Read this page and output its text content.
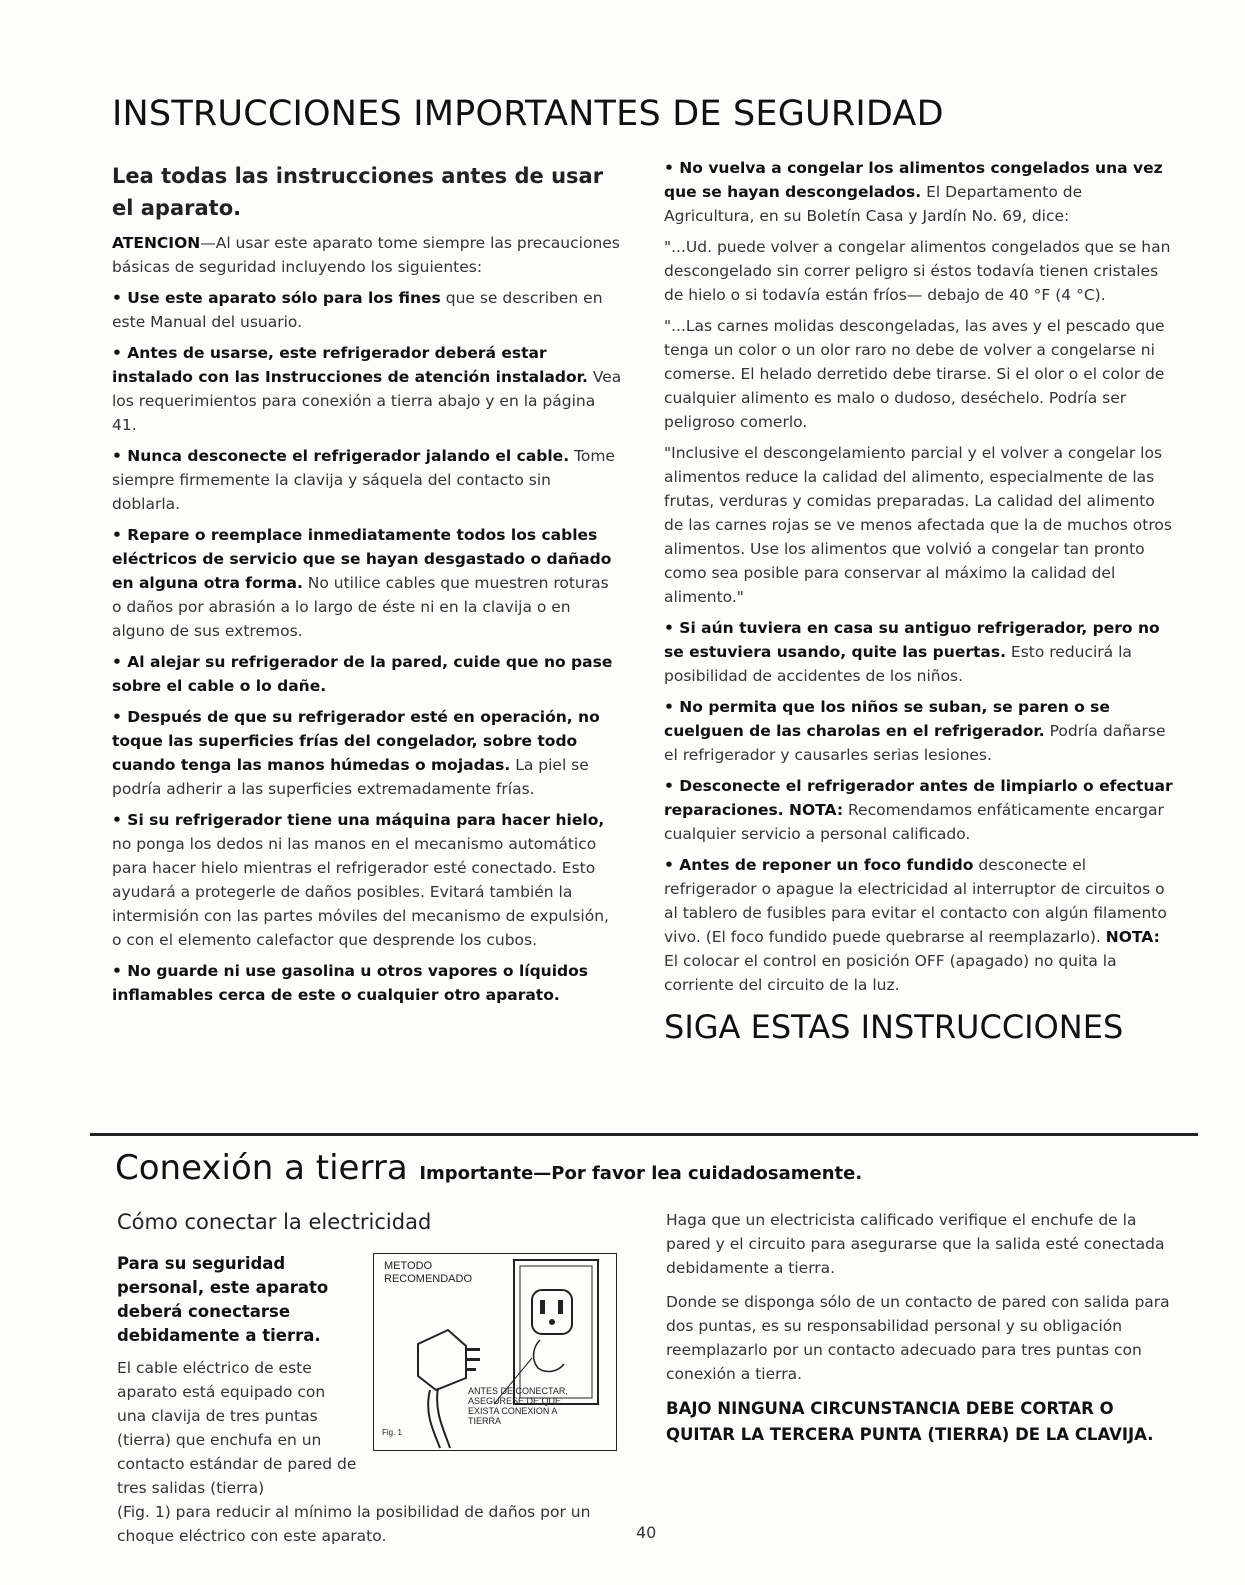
INSTRUCCIONES IMPORTANTES DE SEGURIDAD

Lea todas las instrucciones antes de usar el aparato.

ATENCION—Al usar este aparato tome siempre las precauciones básicas de seguridad incluyendo los siguientes:

• Use este aparato sólo para los fines que se describen en este Manual del usuario.

• Antes de usarse, este refrigerador deberá estar instalado con las Instrucciones de atención instalador. Vea los requerimientos para conexión a tierra abajo y en la página 41.

• Nunca desconecte el refrigerador jalando el cable. Tome siempre firmemente la clavija y sáquela del contacto sin doblarla.

• Repare o reemplace inmediatamente todos los cables eléctricos de servicio que se hayan desgastado o dañado en alguna otra forma. No utilice cables que muestren roturas o daños por abrasión a lo largo de éste ni en la clavija o en alguno de sus extremos.

• Al alejar su refrigerador de la pared, cuide que no pase sobre el cable o lo dañe.

• Después de que su refrigerador esté en operación, no toque las superficies frías del congelador, sobre todo cuando tenga las manos húmedas o mojadas. La piel se podría adherir a las superficies extremadamente frías.

• Si su refrigerador tiene una máquina para hacer hielo, no ponga los dedos ni las manos en el mecanismo automático para hacer hielo mientras el refrigerador esté conectado. Esto ayudará a protegerle de daños posibles. Evitará también la intermisión con las partes móviles del mecanismo de expulsión, o con el elemento calefactor que desprende los cubos.

• No guarde ni use gasolina u otros vapores o líquidos inflamables cerca de este o cualquier otro aparato.

• No vuelva a congelar los alimentos congelados una vez que se hayan descongelados. El Departamento de Agricultura, en su Boletín Casa y Jardín No. 69, dice:

"...Ud. puede volver a congelar alimentos congelados que se han descongelado sin correr peligro si éstos todavía tienen cristales de hielo o si todavía están fríos— debajo de 40 °F (4 °C).

"...Las carnes molidas descongeladas, las aves y el pescado que tenga un color o un olor raro no debe de volver a congelarse ni comerse. El helado derretido debe tirarse. Si el olor o el color de cualquier alimento es malo o dudoso, deséchelo. Podría ser peligroso comerlo.

"Inclusive el descongelamiento parcial y el volver a congelar los alimentos reduce la calidad del alimento, especialmente de las frutas, verduras y comidas preparadas. La calidad del alimento de las carnes rojas se ve menos afectada que la de muchos otros alimentos. Use los alimentos que volvió a congelar tan pronto como sea posible para conservar al máximo la calidad del alimento."

• Si aún tuviera en casa su antiguo refrigerador, pero no se estuviera usando, quite las puertas. Esto reducirá la posibilidad de accidentes de los niños.

• No permita que los niños se suban, se paren o se cuelguen de las charolas en el refrigerador. Podría dañarse el refrigerador y causarles serias lesiones.

• Desconecte el refrigerador antes de limpiarlo o efectuar reparaciones. NOTA: Recomendamos enfáticamente encargar cualquier servicio a personal calificado.

• Antes de reponer un foco fundido desconecte el refrigerador o apague la electricidad al interruptor de circuitos o al tablero de fusibles para evitar el contacto con algún filamento vivo. (El foco fundido puede quebrarse al reemplazarlo). NOTA: El colocar el control en posición OFF (apagado) no quita la corriente del circuito de la luz.

SIGA ESTAS INSTRUCCIONES

Conexión a tierra Importante—Por favor lea cuidadosamente.
Cómo conectar la electricidad

Para su seguridad personal, este aparato deberá conectarse debidamente a tierra.

El cable eléctrico de este aparato está equipado con una clavija de tres puntas (tierra) que enchufa en un contacto estándar de pared de tres salidas (tierra)

(Fig. 1) para reducir al mínimo la posibilidad de daños por un choque eléctrico con este aparato.

METODO
RECOMENDADO
ANTES DE CONECTAR,
ASEGURESE DE QUE
EXISTA CONEXION A
TIERRA
Fig. 1

Haga que un electricista calificado verifique el enchufe de la pared y el circuito para asegurarse que la salida esté conectada debidamente a tierra.

Donde se disponga sólo de un contacto de pared con salida para dos puntas, es su responsabilidad personal y su obligación reemplazarlo por un contacto adecuado para tres puntas con conexión a tierra.

BAJO NINGUNA CIRCUNSTANCIA DEBE CORTAR O QUITAR LA TERCERA PUNTA (TIERRA) DE LA CLAVIJA.

40
